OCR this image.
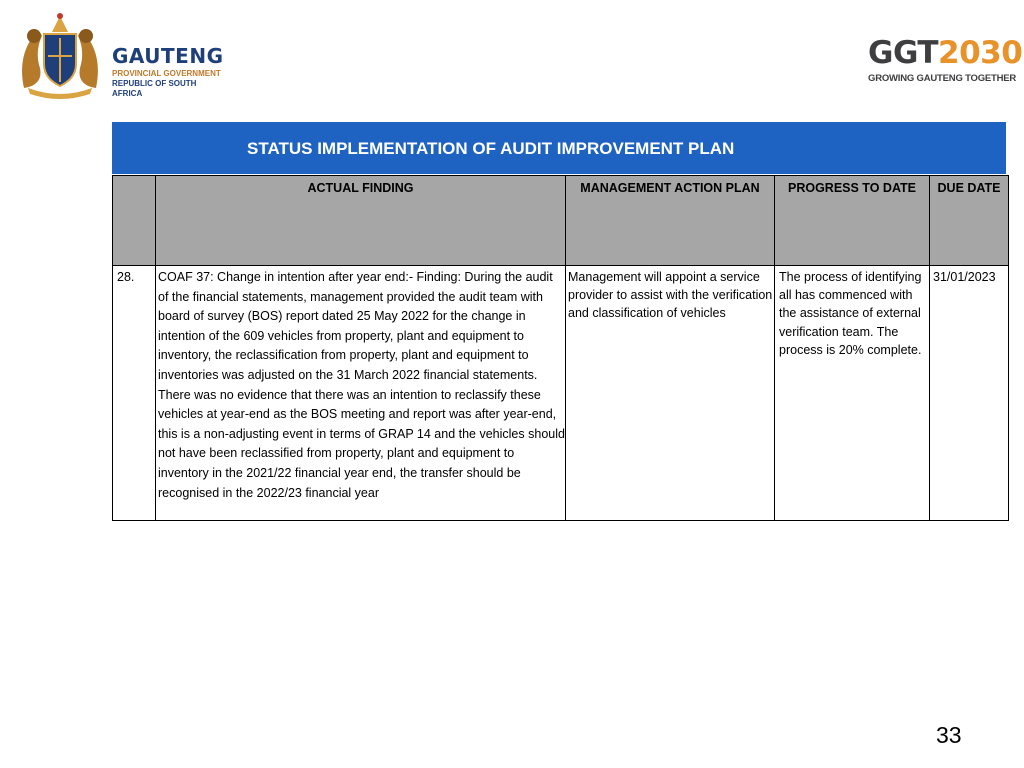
GAUTENG
PROVINCIAL GOVERNMENT
REPUBLIC OF SOUTH AFRICA
GGT2030
GROWING GAUTENG TOGETHER
STATUS IMPLEMENTATION OF AUDIT IMPROVEMENT PLAN
	ACTUAL FINDING	MANAGEMENT ACTION PLAN	PROGRESS TO DATE	DUE DATE
28.	COAF 37: Change in intention after year end:- Finding: During the audit of the financial statements, management provided the audit team with board of survey (BOS) report dated 25 May 2022 for the change in intention of the 609 vehicles from property, plant and equipment to inventory, the reclassification from property, plant and equipment to inventories was adjusted on the 31 March 2022 financial statements. There was no evidence that there was an intention to reclassify these vehicles at year-end as the BOS meeting and report was after year-end, this is a non-adjusting event in terms of GRAP 14 and the vehicles should not have been reclassified from property, plant and equipment to inventory in the 2021/22 financial year end, the transfer should be recognised in the 2022/23 financial year	Management will appoint a service provider to assist with the verification and classification of vehicles	The process of identifying all has commenced with the assistance of external verification team. The process is 20% complete.	31/01/2023
33
